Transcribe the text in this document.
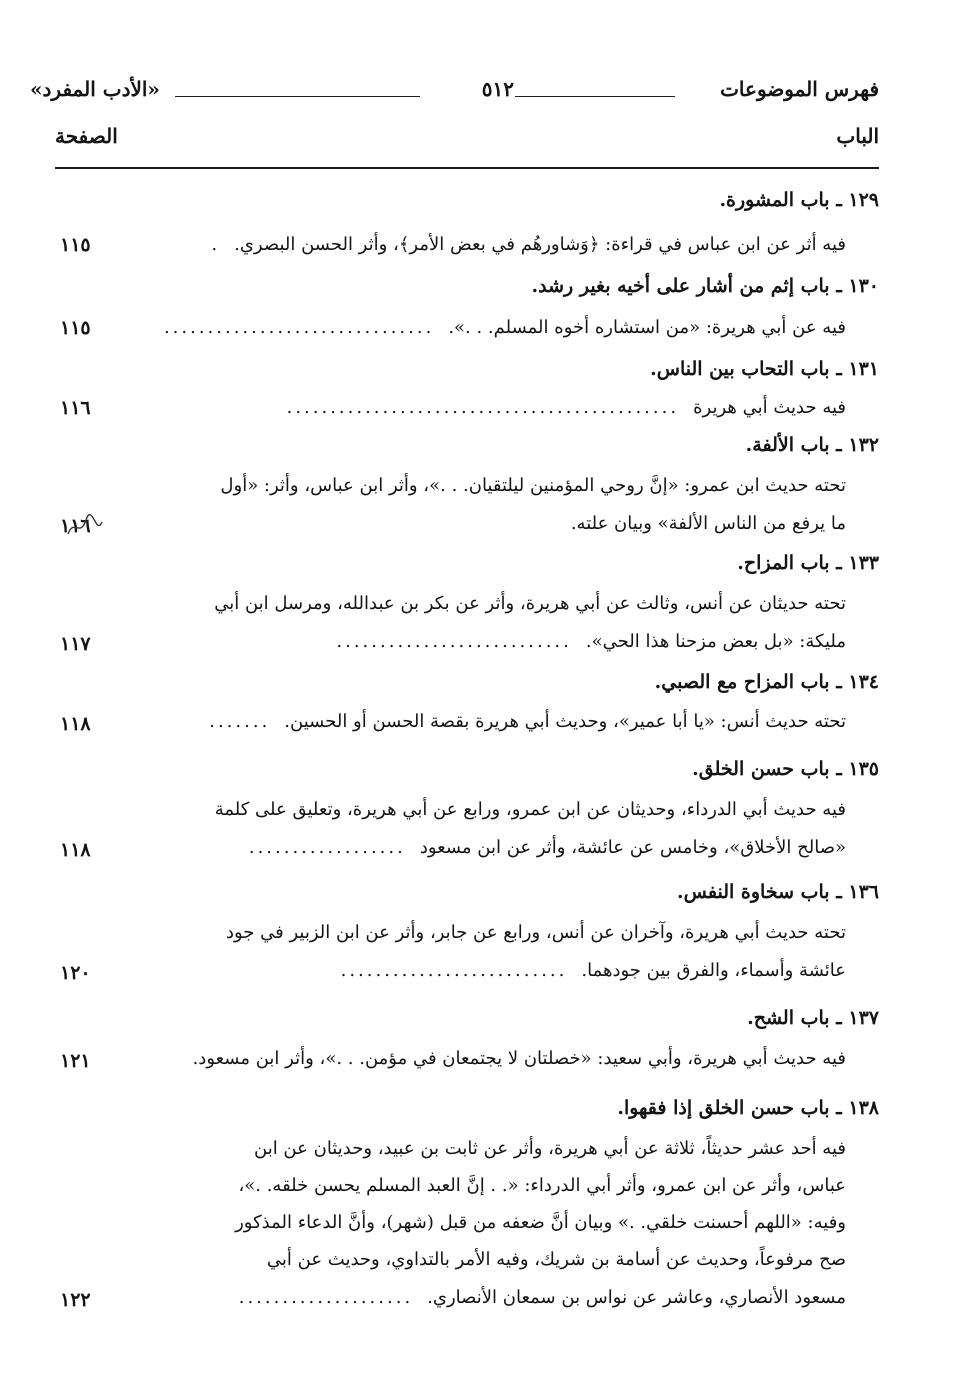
فهرس الموضوعات
٥١٢
«الأدب المفرد»
الباب
الصفحة
١٢٩ ـ باب المشورة.
فيه أثر عن ابن عباس في قراءة: ﴿وَشاورهُم في بعض الأمر﴾، وأثر الحسن البصري.
.
١١٥
١٣٠ ـ باب إثم من أشار على أخيه بغير رشد.
فيه عن أبي هريرة: «من استشاره أخوه المسلم. . .».
...............................
١١٥
١٣١ ـ باب التحاب بين الناس.
فيه حديث أبي هريرة
.............................................
١١٦
١٣٢ ـ باب الألفة.
تحته حديث ابن عمرو: «إنَّ روحي المؤمنين ليلتقيان. . .»، وأثر ابن عباس، وأثر: «أول
ما يرفع من الناس الألفة» وبيان علته.
١١٦
١٣٣ ـ باب المزاح.
تحته حديثان عن أنس، وثالث عن أبي هريرة، وأثر عن بكر بن عبدالله، ومرسل ابن أبي
مليكة: «بل بعض مزحنا هذا الحي».
...........................
١١٧
١٣٤ ـ باب المزاح مع الصبي.
تحته حديث أنس: «يا أبا عمير»، وحديث أبي هريرة بقصة الحسن أو الحسين.
.......
١١٨
١٣٥ ـ باب حسن الخلق.
فيه حديث أبي الدرداء، وحديثان عن ابن عمرو، ورابع عن أبي هريرة، وتعليق على كلمة
«صالح الأخلاق»، وخامس عن عائشة، وأثر عن ابن مسعود
..................
١١٨
١٣٦ ـ باب سخاوة النفس.
تحته حديث أبي هريرة، وآخران عن أنس، ورابع عن جابر، وأثر عن ابن الزبير في جود
عائشة وأسماء، والفرق بين جودهما.
..........................
١٢٠
١٣٧ ـ باب الشح.
فيه حديث أبي هريرة، وأبي سعيد: «خصلتان لا يجتمعان في مؤمن. . .»، وأثر ابن مسعود.
١٢١
١٣٨ ـ باب حسن الخلق إذا فقهوا.
فيه أحد عشر حديثاً، ثلاثة عن أبي هريرة، وأثر عن ثابت بن عبيد، وحديثان عن ابن
عباس، وأثر عن ابن عمرو، وأثر أبي الدرداء: «. . إنَّ العبد المسلم يحسن خلقه. .»،
وفيه: «اللهم أحسنت خلقي. .» وبيان أنَّ ضعفه من قبل (شهر)، وأنَّ الدعاء المذكور
صح مرفوعاً، وحديث عن أسامة بن شريك، وفيه الأمر بالتداوي، وحديث عن أبي
مسعود الأنصاري، وعاشر عن نواس بن سمعان الأنصاري.
....................
١٢٢
